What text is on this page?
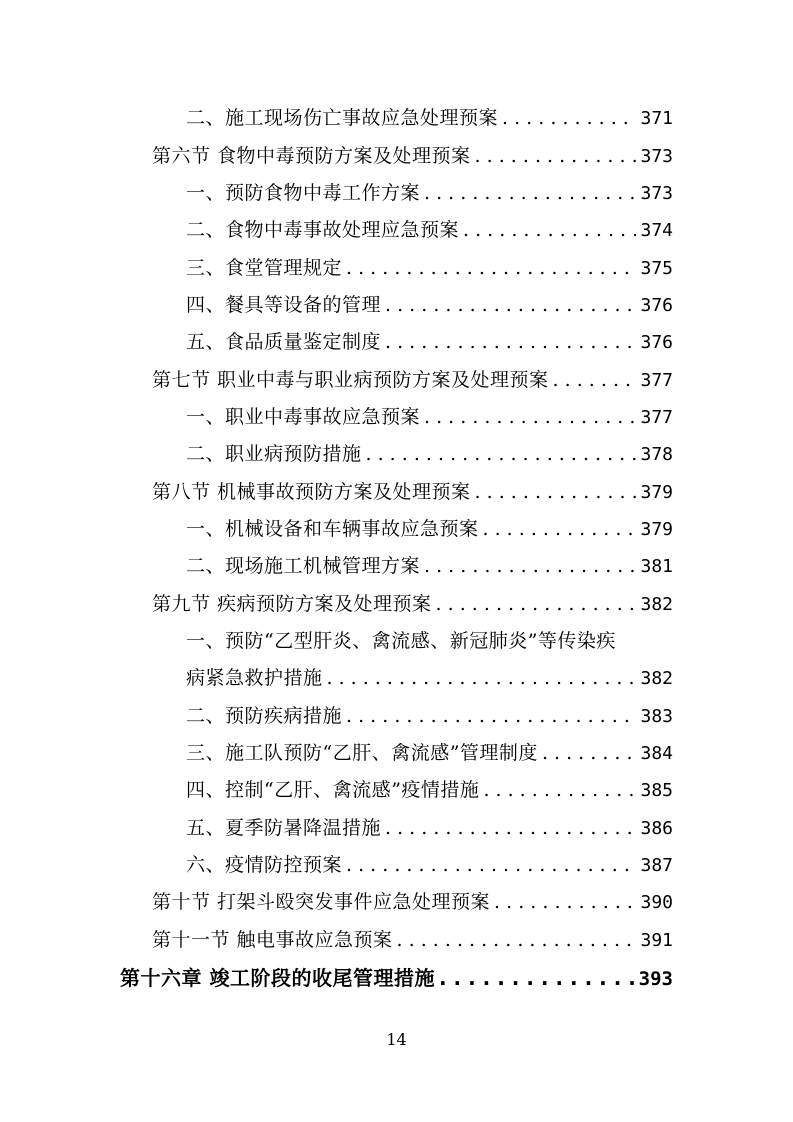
二、施工现场伤亡事故应急处理预案 . . .	371
第六节 食物中毒预防方案及处理预案 . . .	373
一、预防食物中毒工作方案 . . .	373
二、食物中毒事故处理应急预案 . . .	374
三、食堂管理规定 . . .	375
四、餐具等设备的管理 . . .	376
五、食品质量鉴定制度 . . .	376
第七节 职业中毒与职业病预防方案及处理预案 . . .	377
一、职业中毒事故应急预案 . . .	377
二、职业病预防措施 . . .	378
第八节 机械事故预防方案及处理预案 . . .	379
一、机械设备和车辆事故应急预案 . . .	379
二、现场施工机械管理方案 . . .	381
第九节 疾病预防方案及处理预案 . . .	382
一、预防“乙型肝炎、禽流感、新冠肺炎”等传染疾
病紧急救护措施 . . .	382
二、预防疾病措施 . . .	383
三、施工队预防“乙肝、禽流感”管理制度 . . .	384
四、控制“乙肝、禽流感”疫情措施 . . .	385
五、夏季防暑降温措施 . . .	386
六、疫情防控预案 . . .	387
第十节 打架斗殴突发事件应急处理预案 . . .	390
第十一节 触电事故应急预案 . . .	391
第十六章 竣工阶段的收尾管理措施 . . .	393
14
